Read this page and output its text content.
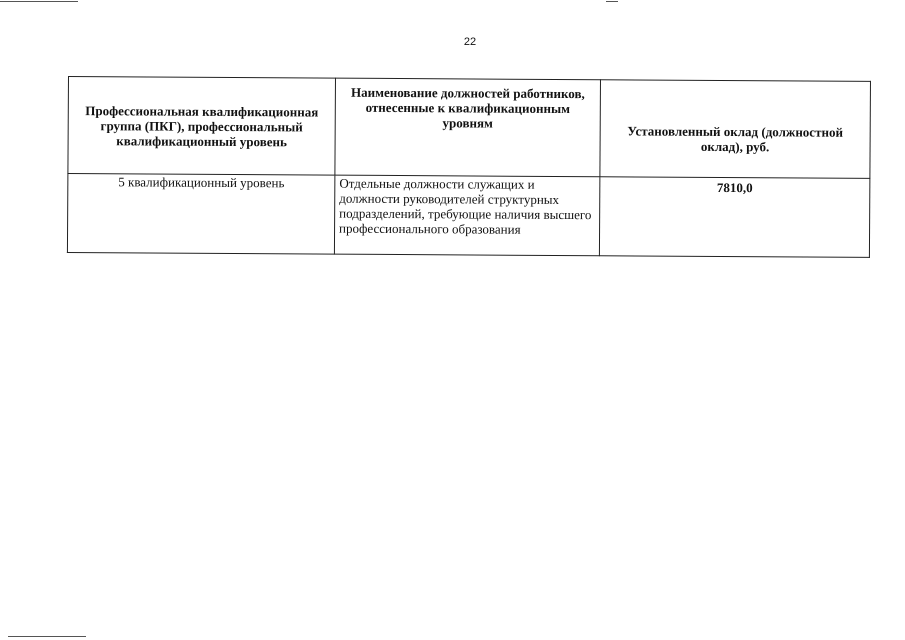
22
Профессиональная квалификационная группа (ПКГ), профессиональный квалификационный уровень	Наименование должностей работников, отнесенные к квалификационным уровням	Установленный оклад (должностной оклад), руб.
5 квалификационный уровень	Отдельные должности служащих и должности руководителей структурных подразделений, требующие наличия высшего профессионального образования	7810,0
